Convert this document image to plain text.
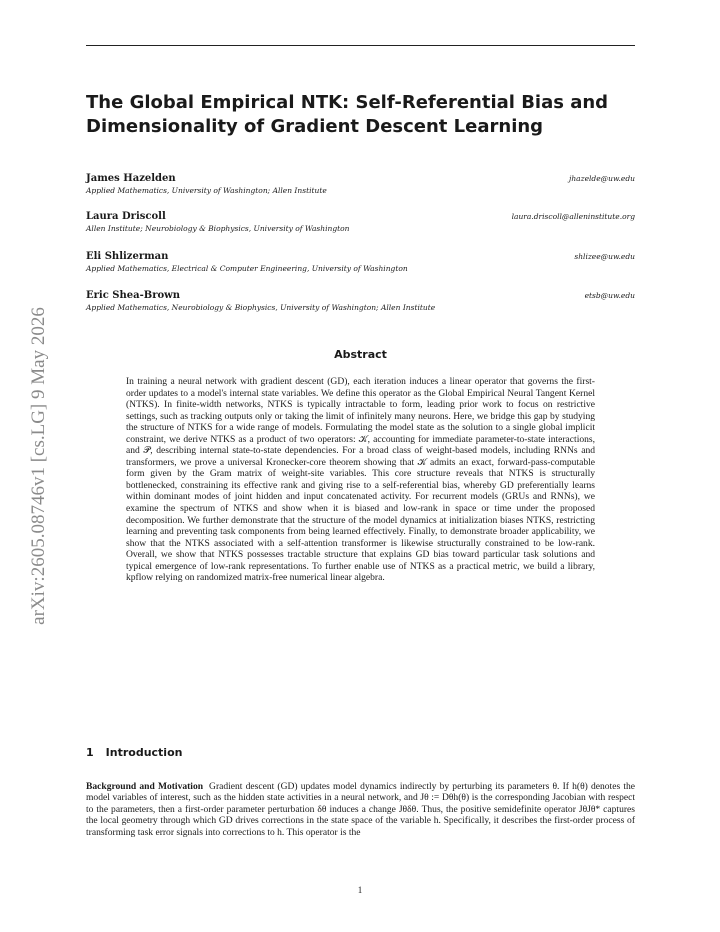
arXiv:2605.08746v1 [cs.LG] 9 May 2026
The Global Empirical NTK: Self-Referential Bias and Dimensionality of Gradient Descent Learning
James Hazelden
Applied Mathematics, University of Washington; Allen Institute
jhazelde@uw.edu
Laura Driscoll
Allen Institute; Neurobiology & Biophysics, University of Washington
laura.driscoll@alleninstitute.org
Eli Shlizerman
Applied Mathematics, Electrical & Computer Engineering, University of Washington
shlizee@uw.edu
Eric Shea-Brown
Applied Mathematics, Neurobiology & Biophysics, University of Washington; Allen Institute
etsb@uw.edu
Abstract

In training a neural network with gradient descent (GD), each iteration induces a linear operator that governs the first-order updates to a model's internal state variables. We define this operator as the Global Empirical Neural Tangent Kernel (NTKS). In finite-width networks, NTKS is typically intractable to form, leading prior work to focus on restrictive settings, such as tracking outputs only or taking the limit of infinitely many neurons. Here, we bridge this gap by studying the structure of NTKS for a wide range of models. Formulating the model state as the solution to a single global implicit constraint, we derive NTKS as a product of two operators: 𝒦, accounting for immediate parameter-to-state interactions, and 𝒫, describing internal state-to-state dependencies. For a broad class of weight-based models, including RNNs and transformers, we prove a universal Kronecker-core theorem showing that 𝒦 admits an exact, forward-pass-computable form given by the Gram matrix of weight-site variables. This core structure reveals that NTKS is structurally bottlenecked, constraining its effective rank and giving rise to a self-referential bias, whereby GD preferentially learns within dominant modes of joint hidden and input concatenated activity. For recurrent models (GRUs and RNNs), we examine the spectrum of NTKS and show when it is biased and low-rank in space or time under the proposed decomposition. We further demonstrate that the structure of the model dynamics at initialization biases NTKS, restricting learning and preventing task components from being learned effectively. Finally, to demonstrate broader applicability, we show that the NTKS associated with a self-attention transformer is likewise structurally constrained to be low-rank. Overall, we show that NTKS possesses tractable structure that explains GD bias toward particular task solutions and typical emergence of low-rank representations. To further enable use of NTKS as a practical metric, we build a library, kpflow relying on randomized matrix-free numerical linear algebra.

1 Introduction

Background and Motivation Gradient descent (GD) updates model dynamics indirectly by perturbing its parameters θ. If h(θ) denotes the model variables of interest, such as the hidden state activities in a neural network, and Jθ := Dθh(θ) is the corresponding Jacobian with respect to the parameters, then a first-order parameter perturbation δθ induces a change Jθδθ. Thus, the positive semidefinite operator JθJθ* captures the local geometry through which GD drives corrections in the state space of the variable h. Specifically, it describes the first-order process of transforming task error signals into corrections to h. This operator is the

1
